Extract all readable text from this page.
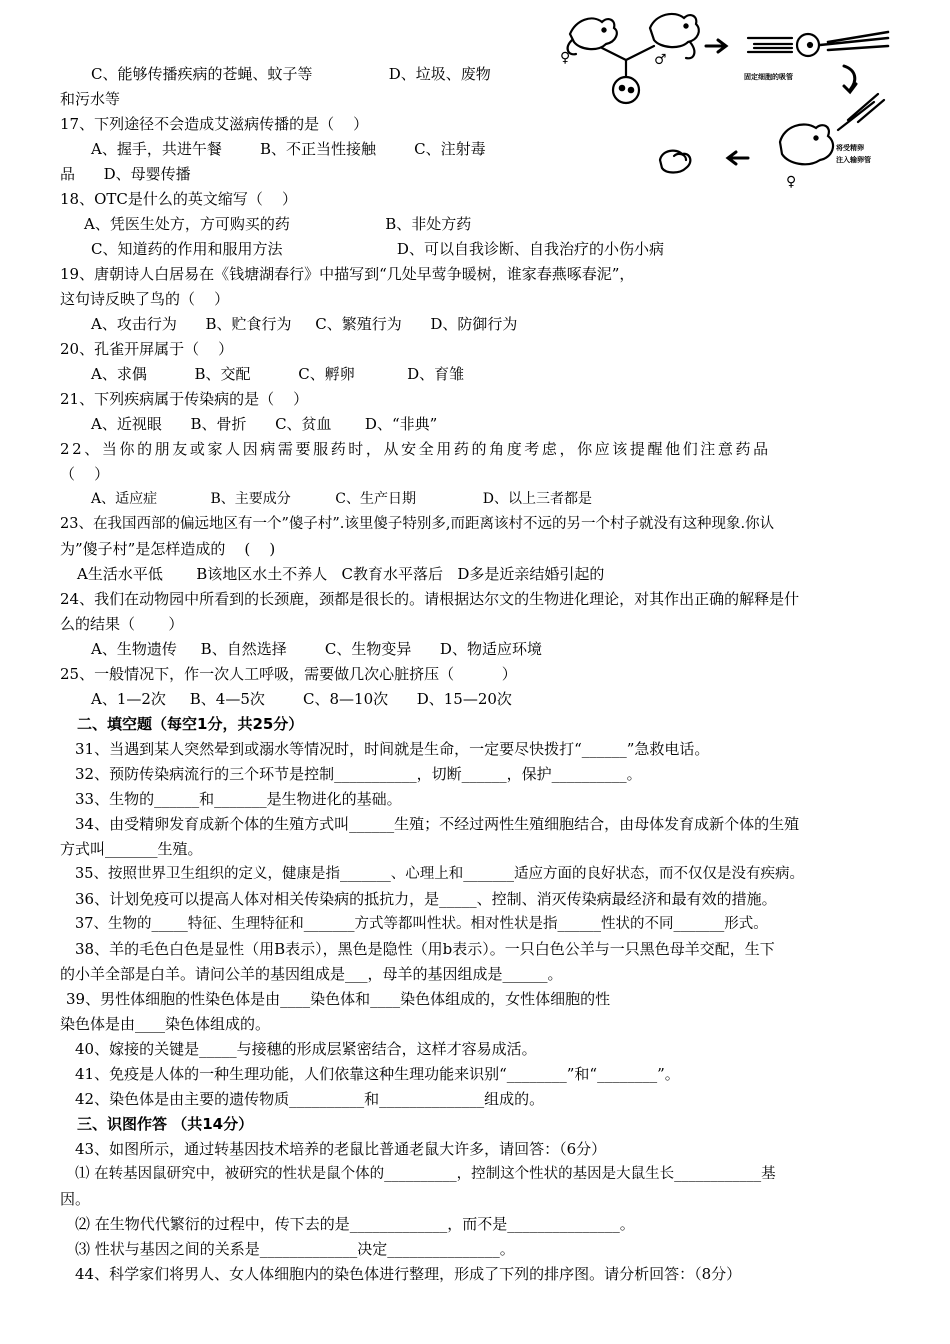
♀	♂
♀
固定细胞的吸管
将受精卵
注入输卵管
C、能够传播疾病的苍蝇、蚊子等                D、垃圾、废物
和污水等
17、下列途径不会造成艾滋病传播的是（    ）
A、握手，共进午餐        B、不正当性接触        C、注射毒
品      D、母婴传播
18、OTC是什么的英文缩写（    ）
A、凭医生处方，方可购买的药                    B、非处方药
C、知道药的作用和服用方法                        D、可以自我诊断、自我治疗的小伤小病
19、唐朝诗人白居易在《钱塘湖春行》中描写到“几处早莺争暖树，谁家春燕啄春泥”，
这句诗反映了鸟的（    ）
A、攻击行为      B、贮食行为     C、繁殖行为      D、防御行为
20、孔雀开屏属于（    ）
A、求偶          B、交配          C、孵卵           D、育雏
21、下列疾病属于传染病的是（    ）
A、近视眼      B、骨折      C、贫血       D、“非典”
22、当你的朋友或家人因病需要服药时，从安全用药的角度考虑，你应该提醒他们注意药品
（    ）
A、适应症            B、主要成分          C、生产日期               D、以上三者都是
23、在我国西部的偏远地区有一个”傻子村”.该里傻子特别多,而距离该村不远的另一个村子就没有这种现象.你认
为”傻子村”是怎样造成的    (    )
A生活水平低       B该地区水土不养人   C教育水平落后   D多是近亲结婚引起的
24、我们在动物园中所看到的长颈鹿，颈都是很长的。请根据达尔文的生物进化理论，对其作出正确的解释是什
么的结果（       ）
A、生物遗传     B、自然选择        C、生物变异      D、物适应环境
25、一般情况下，作一次人工呼吸，需要做几次心脏挤压（          ）
A、1—2次     B、4—5次        C、8—10次      D、15—20次
二、填空题（每空1分，共25分）
31、当遇到某人突然晕到或溺水等情况时，时间就是生命，一定要尽快拨打“______”急救电话。
32、预防传染病流行的三个环节是控制___________，切断______，保护__________。
33、生物的______和_______是生物进化的基础。
34、由受精卵发育成新个体的生殖方式叫______生殖；不经过两性生殖细胞结合，由母体发育成新个体的生殖
方式叫_______生殖。
35、按照世界卫生组织的定义，健康是指_______、心理上和_______适应方面的良好状态，而不仅仅是没有疾病。
36、计划免疫可以提高人体对相关传染病的抵抗力，是_____、控制、消灭传染病最经济和最有效的措施。
37、生物的_____特征、生理特征和_______方式等都叫性状。相对性状是指______性状的不同_______形式。
38、羊的毛色白色是显性（用B表示），黑色是隐性（用b表示）。一只白色公羊与一只黑色母羊交配，生下
的小羊全部是白羊。请问公羊的基因组成是___，母羊的基因组成是______。
39、男性体细胞的性染色体是由____染色体和____染色体组成的，女性体细胞的性
染色体是由____染色体组成的。
40、嫁接的关键是_____与接穗的形成层紧密结合，这样才容易成活。
41、免疫是人体的一种生理功能，人们依靠这种生理功能来识别“________”和“________”。
42、染色体是由主要的遗传物质__________和______________组成的。
三、识图作答 （共14分）
43、如图所示，通过转基因技术培养的老鼠比普通老鼠大许多，请回答：（6分）
⑴ 在转基因鼠研究中，被研究的性状是鼠个体的__________，控制这个性状的基因是大鼠生长____________基
因。
⑵ 在生物代代繁衍的过程中，传下去的是_____________，而不是_______________。
⑶ 性状与基因之间的关系是_____________决定_______________。
44、科学家们将男人、女人体细胞内的染色体进行整理，形成了下列的排序图。请分析回答：（8分）
